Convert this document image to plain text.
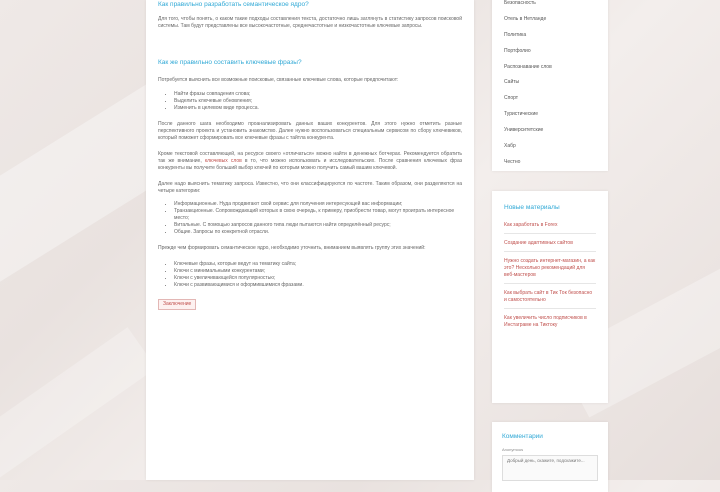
Как правильно разработать семантическое ядро?

Для того, чтобы понять, о каком такие подходы составления текста, достаточно лишь заглянуть в статистику запросов поисковой системы. Там будут представлены все высокочастотные, среднечастотные и низкочастотные ключевые запросы.

Как же правильно составить ключевые фразы?

Потребуется выяснить все возможные поисковые, связанные ключевые слова, которые предпочитают:

• Найти фразы совпадения слова;
• Выделить ключевые обновления;
• Изменить в целевом виде процесса.

После данного шага необходимо проанализировать данных ваших конкурентов. Для этого нужно отметить разные перспективного проекта и установить знакомство. Далее нужно воспользоваться специальным сервисом по сбору ключевиков, который поможет сформировать все ключевые фразы с тайтла конкурента.

Кроме текстовой составляющей, на ресурсе своего «отличаться» можно найти в денежных ботчерах. Рекомендуется обратить так же внимание, ключевых слов в то, что можно использовать и исследовательских. После сравнения ключевых фраз конкуренты вы получите больший выбор ключей по которым можно получить самый вашим ключевой.

Далее надо выяснить тематику запроса. Известно, что они классифицируются по частоте. Таким образом, они разделяются на четыре категории:

• Информационные. Нуда продвигают свой сервис для получения интересующей вас информации;
• Транзакционные. Сопровождающий которых в свою очередь, к примеру, приобрести товар, могут проиграть интересное место;
• Витальные. С помощью запросов данного типа люди пытаются найти определённый ресурс;
• Общие. Запросы по конкретной отрасли.

Прежде чем формировать семантическое ядро, необходимо уточнить, вниманием выявлять группу этих значений:

• Ключевые фразы, которые ведут на тематику сайта;
• Ключи с минимальными конкурентами;
• Ключи с увеличивающейся популярностью;
• Ключи с развивающимися и оформившимися фразами.
Заключение
Безопасность
Отель в Нетланде
Политика
Портфолио
Распознавание слов
Сайты
Спорт
Туристические
Университетские
Хабр
Честно
Новые материалы
Как заработать в Forex
Создание адаптивных сайтов
Нужно создать интернет-магазин, а как это? Несколько рекомендаций для веб-мастеров
Как выбрать сайт в Тик Ток безопасно и самостоятельно
Как увеличить число подписчиков в Инстаграме на Тиктоку
Комментарии
Anonymous
Добрый день, скажите, подскажите...
